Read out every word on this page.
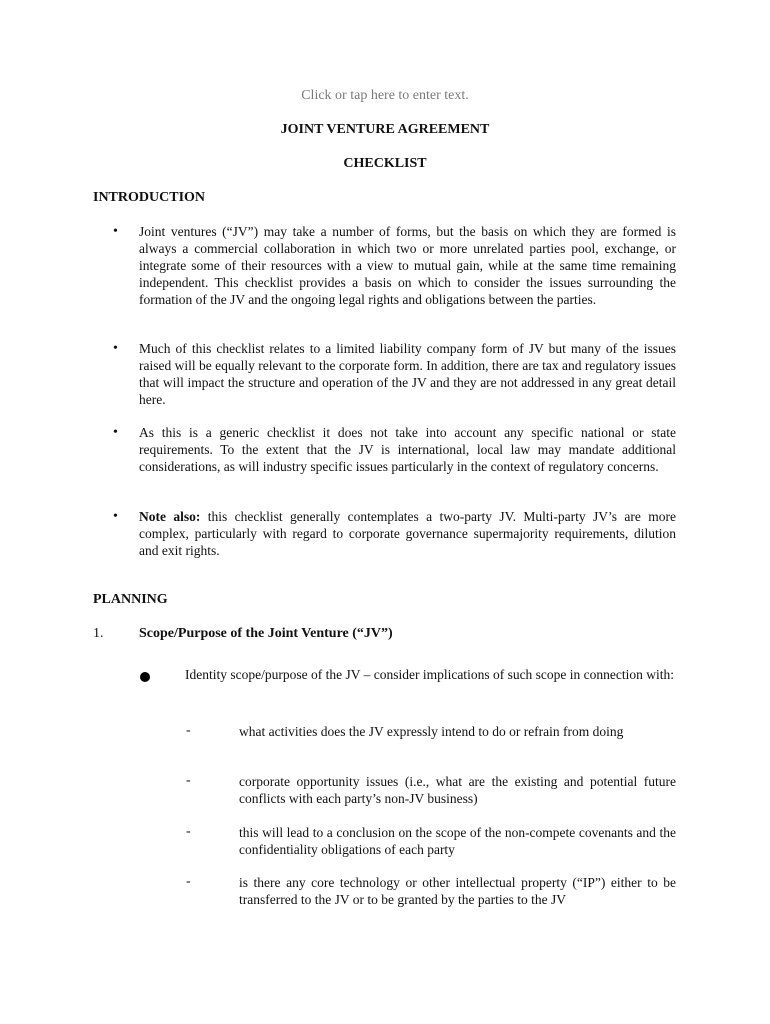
Click or tap here to enter text.
JOINT VENTURE AGREEMENT
CHECKLIST
INTRODUCTION
• Joint ventures (“JV”) may take a number of forms, but the basis on which they are formed is always a commercial collaboration in which two or more unrelated parties pool, exchange, or integrate some of their resources with a view to mutual gain, while at the same time remaining independent. This checklist provides a basis on which to consider the issues surrounding the formation of the JV and the ongoing legal rights and obligations between the parties.

• Much of this checklist relates to a limited liability company form of JV but many of the issues raised will be equally relevant to the corporate form. In addition, there are tax and regulatory issues that will impact the structure and operation of the JV and they are not addressed in any great detail here.

• As this is a generic checklist it does not take into account any specific national or state requirements. To the extent that the JV is international, local law may mandate additional considerations, as will industry specific issues particularly in the context of regulatory concerns.

• Note also: this checklist generally contemplates a two-party JV. Multi-party JV’s are more complex, particularly with regard to corporate governance supermajority requirements, dilution and exit rights.

PLANNING
1.	Scope/Purpose of the Joint Venture (“JV”)

Identity scope/purpose of the JV – consider implications of such scope in connection with:

-	what activities does the JV expressly intend to do or refrain from doing

-	corporate opportunity issues (i.e., what are the existing and potential future conflicts with each party’s non-JV business)

-	this will lead to a conclusion on the scope of the non-compete covenants and the confidentiality obligations of each party

-	is there any core technology or other intellectual property (“IP”) either to be transferred to the JV or to be granted by the parties to the JV
